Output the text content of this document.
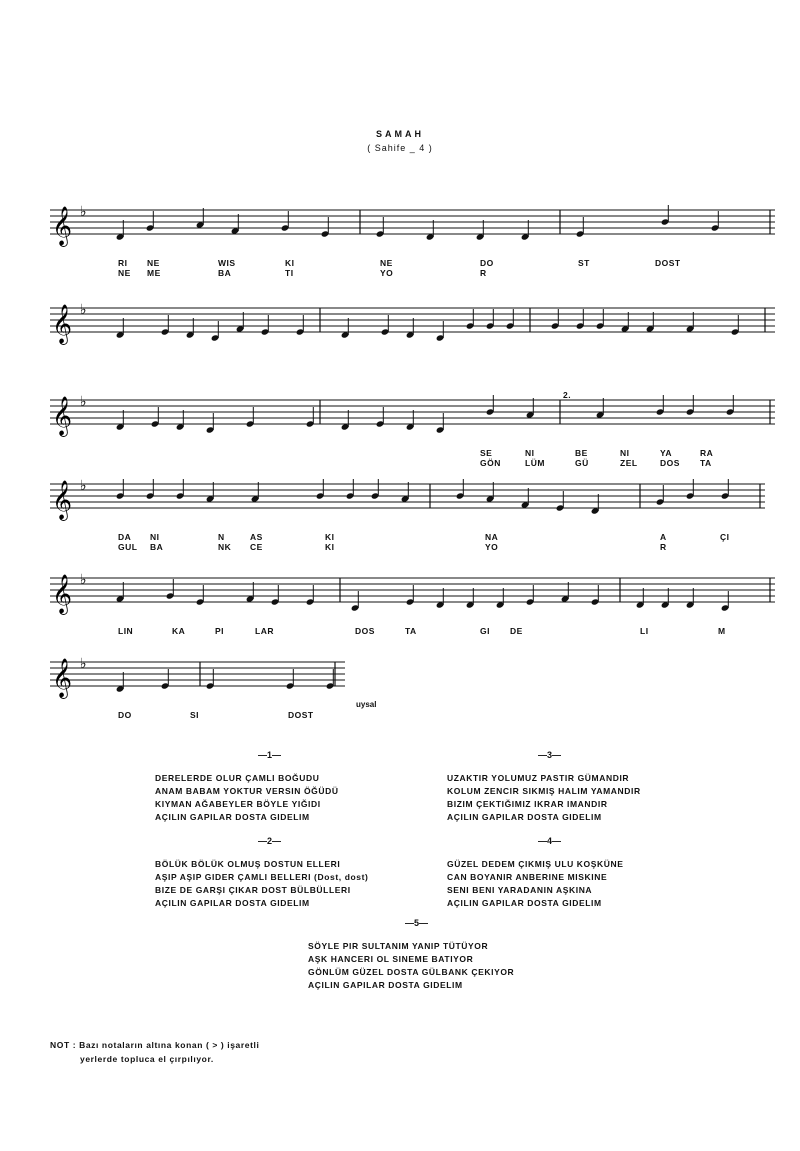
SAMAH
( Sahife _ 4 )
𝄞 ♭
RI NE	WIS	KI	NE	DO	ST	DOST
NE ME	BA	TI	YO	R
𝄞 ♭
𝄞 ♭
SE	NI	BE	NI	YA	RA
GÖN	LÜM	GÜ	ZEL	DOS TA
2.
𝄞 ♭
DA NI	N	AS	KI	NA	A	ÇI
GUL BA	NK CE	KI	YO	R
𝄞 ♭
LIN	KA	PI	LAR	DOS	TA	GI DE	LI	M
𝄞 ♭
DO	SI	DOST
uysal
—1—
DERELERDE OLUR ÇAMLI BOĞUDU
ANAM BABAM YOKTUR VERSIN ÖĞÜDÜ
KIYMAN AĞABEYLER BÖYLE YIĞIDI
AÇILIN GAPILAR DOSTA GIDELIM
—2—
BÖLÜK BÖLÜK OLMUŞ DOSTUN ELLERI
AŞIP AŞIP GIDER ÇAMLI BELLERI (Dost, dost)
BIZE DE GARŞI ÇIKAR DOST BÜLBÜLLERI
AÇILIN GAPILAR DOSTA GIDELIM
—3—
UZAKTIR YOLUMUZ PASTIR GÜMANDIR
KOLUM ZENCIR SIKMIŞ HALIM YAMANDIR
BIZIM ÇEKTIĞIMIZ IKRAR IMANDIR
AÇILIN GAPILAR DOSTA GIDELIM
—4—
GÜZEL DEDEM ÇIKMIŞ ULU KOŞKÜNE
CAN BOYANIR ANBERINE MISKINE
SENI BENI YARADANIN AŞKINA
AÇILIN GAPILAR DOSTA GIDELIM
—5—
SÖYLE PIR SULTANIM YANIP TÜTÜYOR
AŞK HANCERI OL SINEME BATIYOR
GÖNLÜM GÜZEL DOSTA GÜLBANK ÇEKIYOR
AÇILIN GAPILAR DOSTA GIDELIM
NOT : Bazı notaların altına konan ( > ) işaretli
yerlerde topluca el çırpılıyor.
